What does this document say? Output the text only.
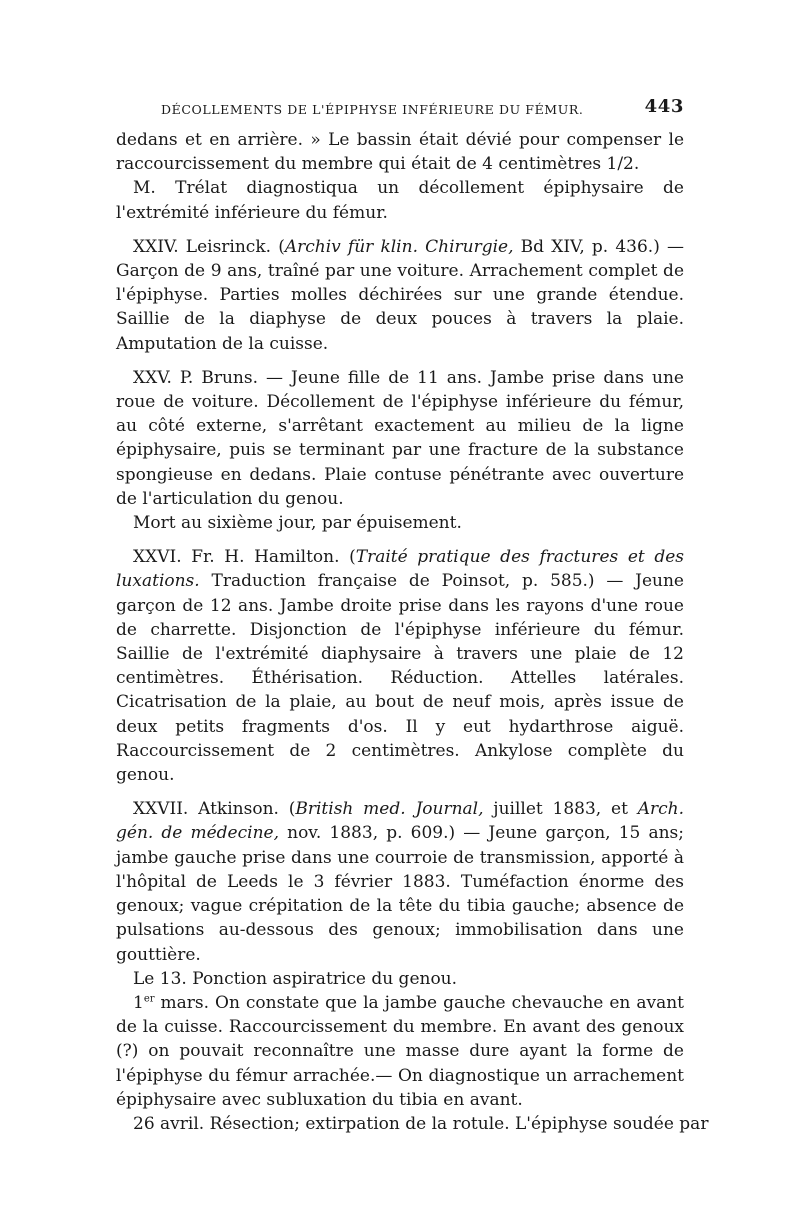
DÉCOLLEMENTS DE L'ÉPIPHYSE INFÉRIEURE DU FÉMUR.	443

dedans et en arrière. » Le bassin était dévié pour compenser le raccourcissement du membre qui était de 4 centimètres 1/2.

M. Trélat diagnostiqua un décollement épiphysaire de l'extrémité inférieure du fémur.

XXIV. Leisrinck. (Archiv für klin. Chirurgie, Bd XIV, p. 436.) — Garçon de 9 ans, traîné par une voiture. Arrachement complet de l'épiphyse. Parties molles déchirées sur une grande étendue. Saillie de la diaphyse de deux pouces à travers la plaie. Amputation de la cuisse.

XXV. P. Bruns. — Jeune fille de 11 ans. Jambe prise dans une roue de voiture. Décollement de l'épiphyse inférieure du fémur, au côté externe, s'arrêtant exactement au milieu de la ligne épiphysaire, puis se terminant par une fracture de la substance spongieuse en dedans. Plaie contuse pénétrante avec ouverture de l'articulation du genou.

Mort au sixième jour, par épuisement.

XXVI. Fr. H. Hamilton. (Traité pratique des fractures et des luxations. Traduction française de Poinsot, p. 585.) — Jeune garçon de 12 ans. Jambe droite prise dans les rayons d'une roue de charrette. Disjonction de l'épiphyse inférieure du fémur. Saillie de l'extrémité diaphysaire à travers une plaie de 12 centimètres. Éthérisation. Réduction. Attelles latérales. Cicatrisation de la plaie, au bout de neuf mois, après issue de deux petits fragments d'os. Il y eut hydarthrose aiguë. Raccourcissement de 2 centimètres. Ankylose complète du genou.

XXVII. Atkinson. (British med. Journal, juillet 1883, et Arch. gén. de médecine, nov. 1883, p. 609.) — Jeune garçon, 15 ans; jambe gauche prise dans une courroie de transmission, apporté à l'hôpital de Leeds le 3 février 1883. Tuméfaction énorme des genoux; vague crépitation de la tête du tibia gauche; absence de pulsations au-dessous des genoux; immobilisation dans une gouttière.

Le 13. Ponction aspiratrice du genou.

1er mars. On constate que la jambe gauche chevauche en avant de la cuisse. Raccourcissement du membre. En avant des genoux (?) on pouvait reconnaître une masse dure ayant la forme de l'épiphyse du fémur arrachée.— On diagnostique un arrachement épiphysaire avec subluxation du tibia en avant.

26 avril. Résection; extirpation de la rotule. L'épiphyse soudée par
